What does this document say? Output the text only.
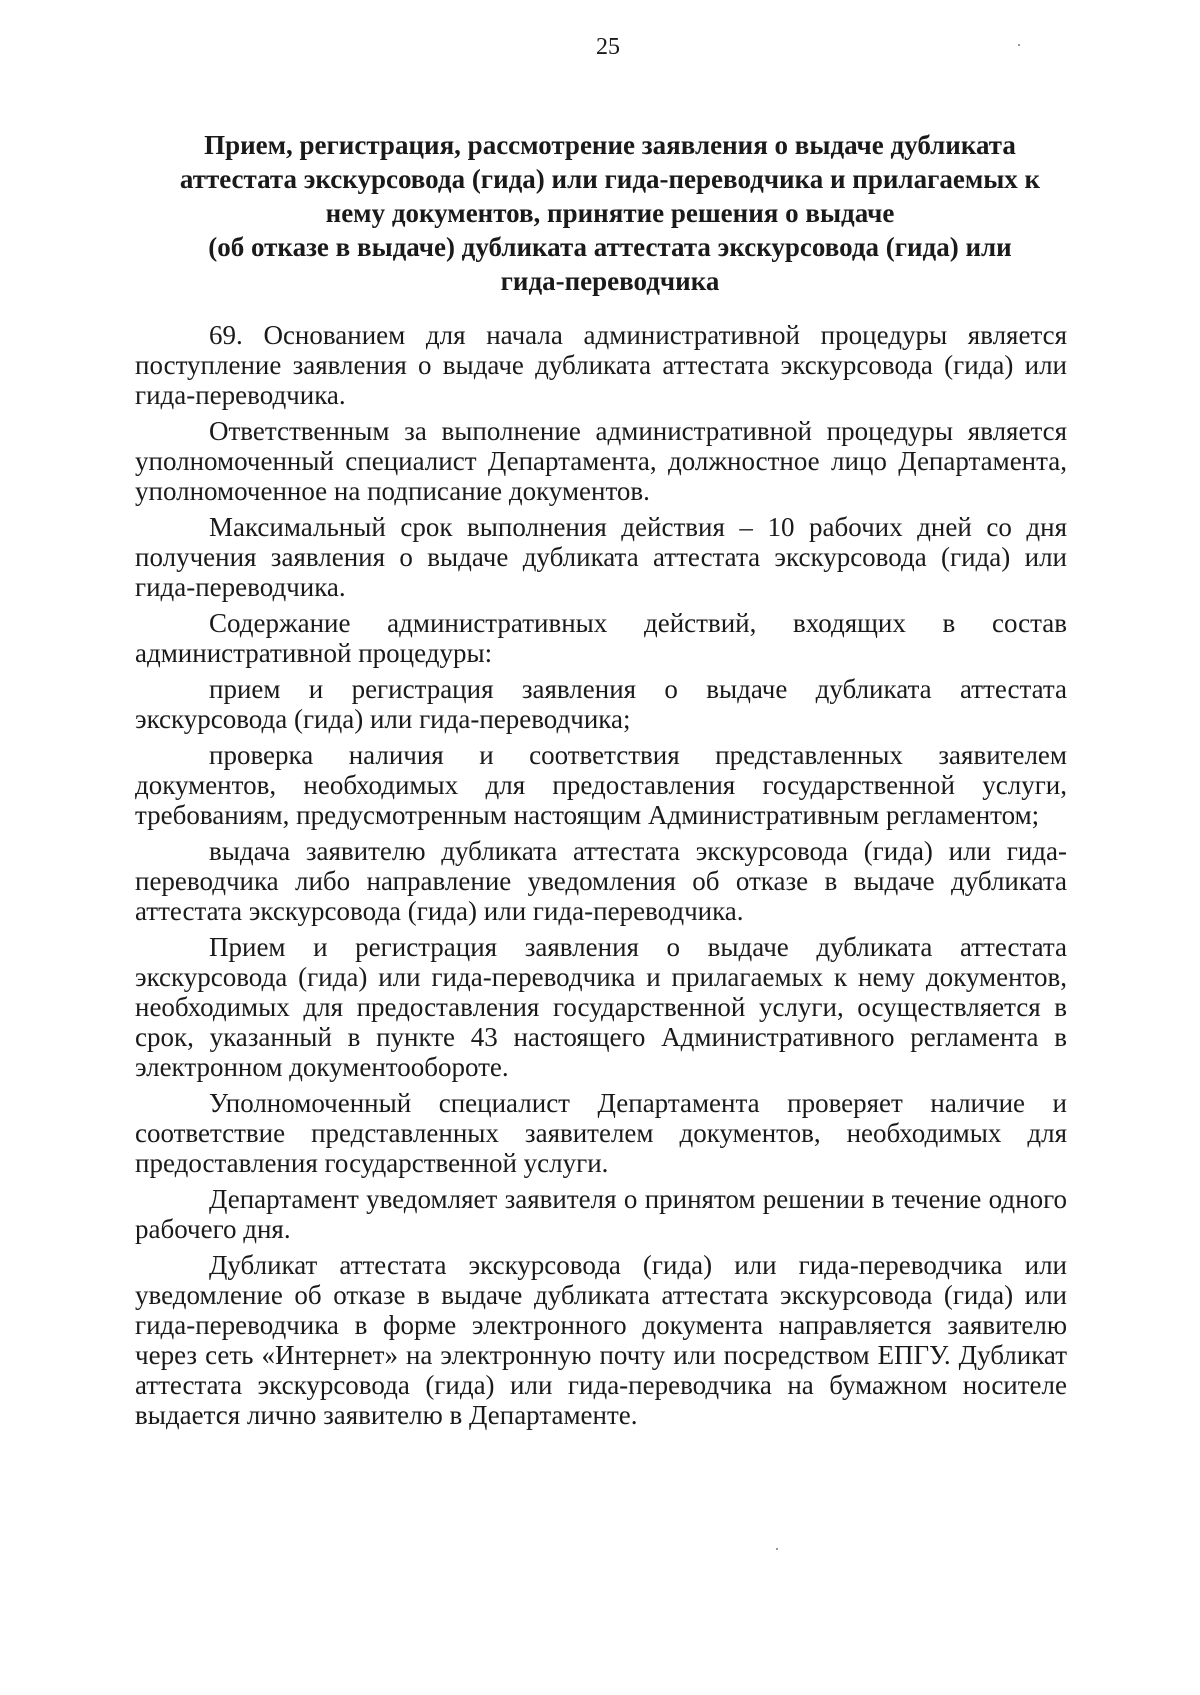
25
Прием, регистрация, рассмотрение заявления о выдаче дубликата
аттестата экскурсовода (гида) или гида-переводчика и прилагаемых к
нему документов, принятие решения о выдаче
(об отказе в выдаче) дубликата аттестата экскурсовода (гида) или
гида-переводчика

69. Основанием для начала административной процедуры является поступление заявления о выдаче дубликата аттестата экскурсовода (гида) или гида-переводчика.

Ответственным за выполнение административной процедуры является уполномоченный специалист Департамента, должностное лицо Департамента, уполномоченное на подписание документов.

Максимальный срок выполнения действия – 10 рабочих дней со дня получения заявления о выдаче дубликата аттестата экскурсовода (гида) или гида-переводчика.

Содержание административных действий, входящих в состав административной процедуры:

прием и регистрация заявления о выдаче дубликата аттестата экскурсовода (гида) или гида-переводчика;

проверка наличия и соответствия представленных заявителем документов, необходимых для предоставления государственной услуги, требованиям, предусмотренным настоящим Административным регламентом;

выдача заявителю дубликата аттестата экскурсовода (гида) или гида-переводчика либо направление уведомления об отказе в выдаче дубликата аттестата экскурсовода (гида) или гида-переводчика.

Прием и регистрация заявления о выдаче дубликата аттестата экскурсовода (гида) или гида-переводчика и прилагаемых к нему документов, необходимых для предоставления государственной услуги, осуществляется в срок, указанный в пункте 43 настоящего Административного регламента в электронном документообороте.

Уполномоченный специалист Департамента проверяет наличие и соответствие представленных заявителем документов, необходимых для предоставления государственной услуги.

Департамент уведомляет заявителя о принятом решении в течение одного рабочего дня.

Дубликат аттестата экскурсовода (гида) или гида-переводчика или уведомление об отказе в выдаче дубликата аттестата экскурсовода (гида) или гида-переводчика в форме электронного документа направляется заявителю через сеть «Интернет» на электронную почту или посредством ЕПГУ. Дубликат аттестата экскурсовода (гида) или гида-переводчика на бумажном носителе выдается лично заявителю в Департаменте.
